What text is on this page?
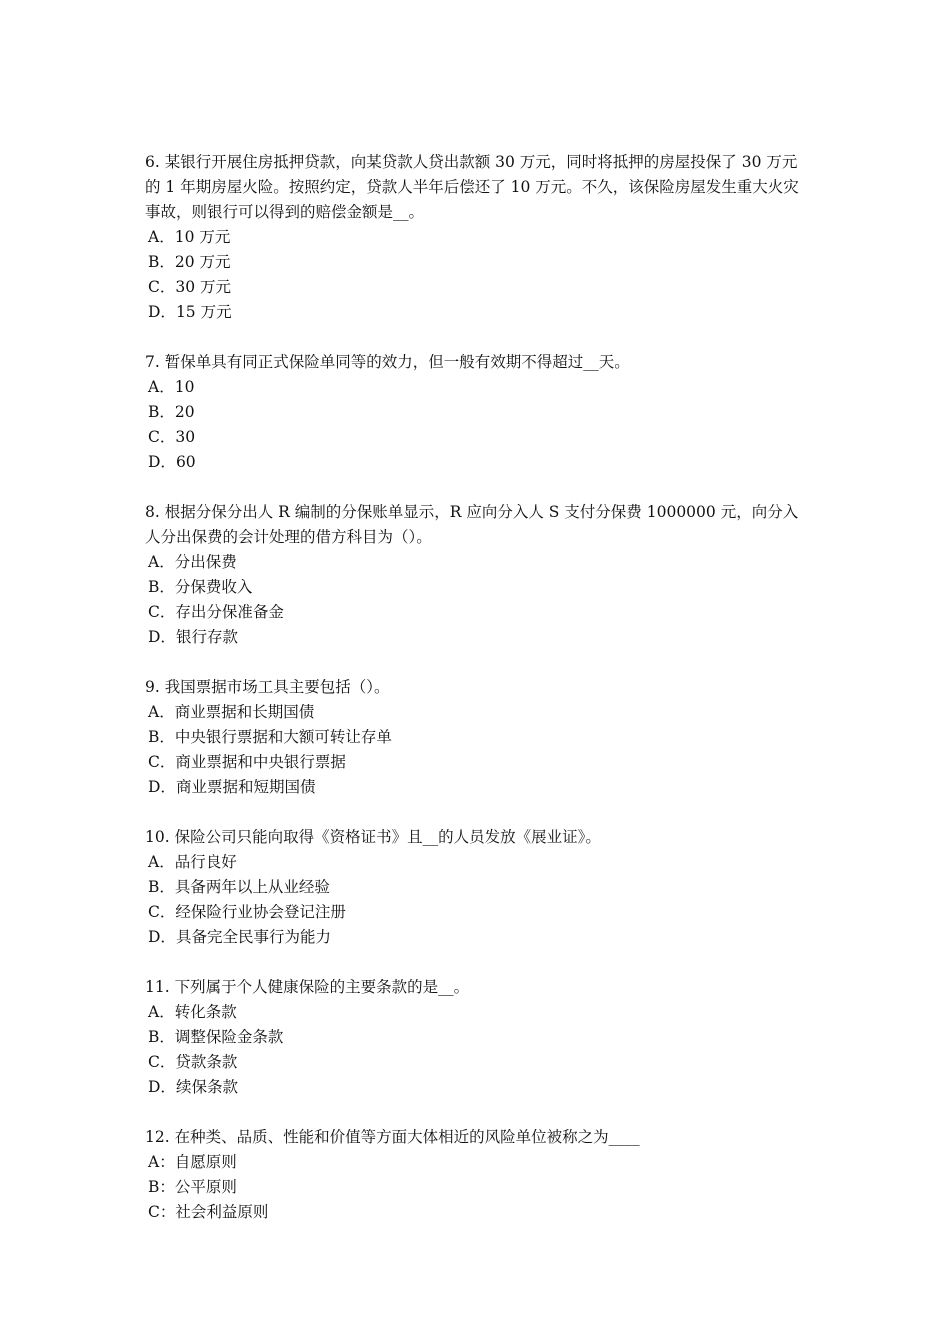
6. 某银行开展住房抵押贷款，向某贷款人贷出款额 30 万元，同时将抵押的房屋投保了 30 万元的 1 年期房屋火险。按照约定，贷款人半年后偿还了 10 万元。不久，该保险房屋发生重大火灾事故，则银行可以得到的赔偿金额是__。

A．10 万元
B．20 万元
C．30 万元
D．15 万元

7. 暂保单具有同正式保险单同等的效力，但一般有效期不得超过__天。

A．10
B．20
C．30
D．60

8. 根据分保分出人 R 编制的分保账单显示，R 应向分入人 S 支付分保费 1000000 元，向分入人分出保费的会计处理的借方科目为（）。

A．分出保费
B．分保费收入
C．存出分保准备金
D．银行存款

9. 我国票据市场工具主要包括（）。

A．商业票据和长期国债
B．中央银行票据和大额可转让存单
C．商业票据和中央银行票据
D．商业票据和短期国债

10. 保险公司只能向取得《资格证书》且__的人员发放《展业证》。

A．品行良好
B．具备两年以上从业经验
C．经保险行业协会登记注册
D．具备完全民事行为能力

11. 下列属于个人健康保险的主要条款的是__。

A．转化条款
B．调整保险金条款
C．贷款条款
D．续保条款

12. 在种类、品质、性能和价值等方面大体相近的风险单位被称之为____

A：自愿原则
B：公平原则
C：社会利益原则
